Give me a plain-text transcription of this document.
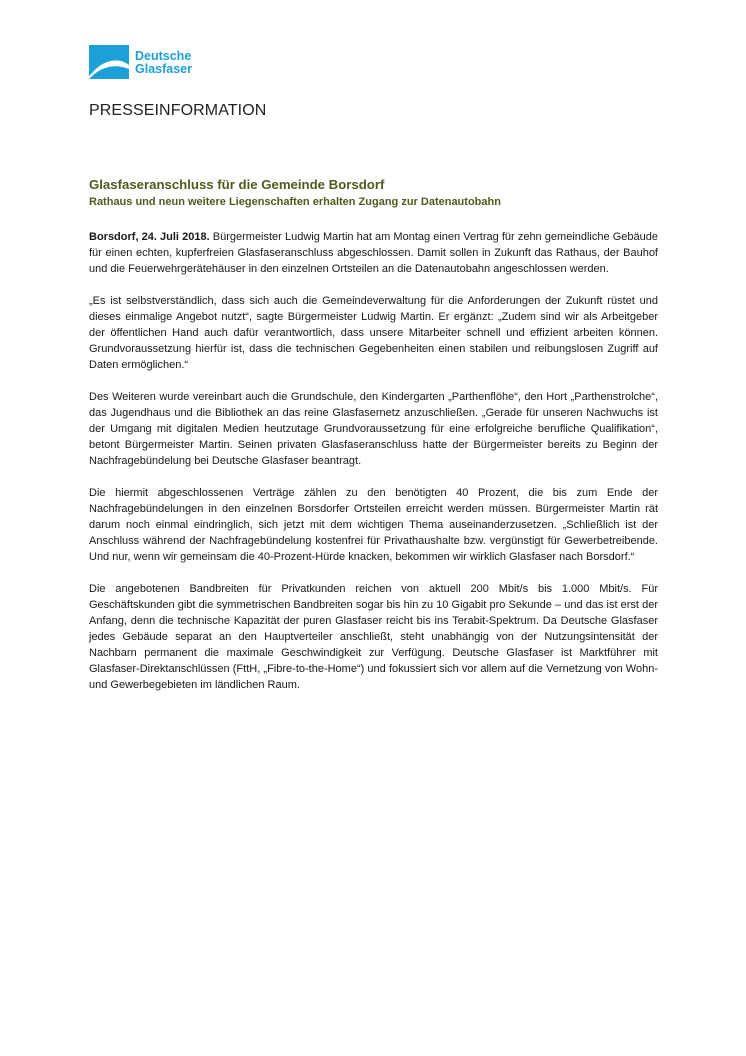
Deutsche
Glasfaser
PRESSEINFORMATION
Glasfaseranschluss für die Gemeinde Borsdorf
Rathaus und neun weitere Liegenschaften erhalten Zugang zur Datenautobahn

Borsdorf, 24. Juli 2018. Bürgermeister Ludwig Martin hat am Montag einen Vertrag für zehn gemeindliche Gebäude für einen echten, kupferfreien Glasfaseranschluss abgeschlossen. Damit sollen in Zukunft das Rathaus, der Bauhof und die Feuerwehrgerätehäuser in den einzelnen Ortsteilen an die Datenautobahn angeschlossen werden.

„Es ist selbstverständlich, dass sich auch die Gemeindeverwaltung für die Anforderungen der Zukunft rüstet und dieses einmalige Angebot nutzt“, sagte Bürgermeister Ludwig Martin. Er ergänzt: „Zudem sind wir als Arbeitgeber der öffentlichen Hand auch dafür verantwortlich, dass unsere Mitarbeiter schnell und effizient arbeiten können. Grundvoraussetzung hierfür ist, dass die technischen Gegebenheiten einen stabilen und reibungslosen Zugriff auf Daten ermöglichen.“

Des Weiteren wurde vereinbart auch die Grundschule, den Kindergarten „Parthenflöhe“, den Hort „Parthenstrolche“, das Jugendhaus und die Bibliothek an das reine Glasfasernetz anzuschließen. „Gerade für unseren Nachwuchs ist der Umgang mit digitalen Medien heutzutage Grundvoraussetzung für eine erfolgreiche berufliche Qualifikation“, betont Bürgermeister Martin. Seinen privaten Glasfaseranschluss hatte der Bürgermeister bereits zu Beginn der Nachfragebündelung bei Deutsche Glasfaser beantragt.

Die hiermit abgeschlossenen Verträge zählen zu den benötigten 40 Prozent, die bis zum Ende der Nachfragebündelungen in den einzelnen Borsdorfer Ortsteilen erreicht werden müssen. Bürgermeister Martin rät darum noch einmal eindringlich, sich jetzt mit dem wichtigen Thema auseinanderzusetzen. „Schließlich ist der Anschluss während der Nachfragebündelung kostenfrei für Privathaushalte bzw. vergünstigt für Gewerbetreibende. Und nur, wenn wir gemeinsam die 40-Prozent-Hürde knacken, bekommen wir wirklich Glasfaser nach Borsdorf.“

Die angebotenen Bandbreiten für Privatkunden reichen von aktuell 200 Mbit/s bis 1.000 Mbit/s. Für Geschäftskunden gibt die symmetrischen Bandbreiten sogar bis hin zu 10 Gigabit pro Sekunde – und das ist erst der Anfang, denn die technische Kapazität der puren Glasfaser reicht bis ins Terabit-Spektrum. Da Deutsche Glasfaser jedes Gebäude separat an den Hauptverteiler anschließt, steht unabhängig von der Nutzungsintensität der Nachbarn permanent die maximale Geschwindigkeit zur Verfügung. Deutsche Glasfaser ist Marktführer mit Glasfaser-Direktanschlüssen (FttH, „Fibre-to-the-Home“) und fokussiert sich vor allem auf die Vernetzung von Wohn- und Gewerbegebieten im ländlichen Raum.
